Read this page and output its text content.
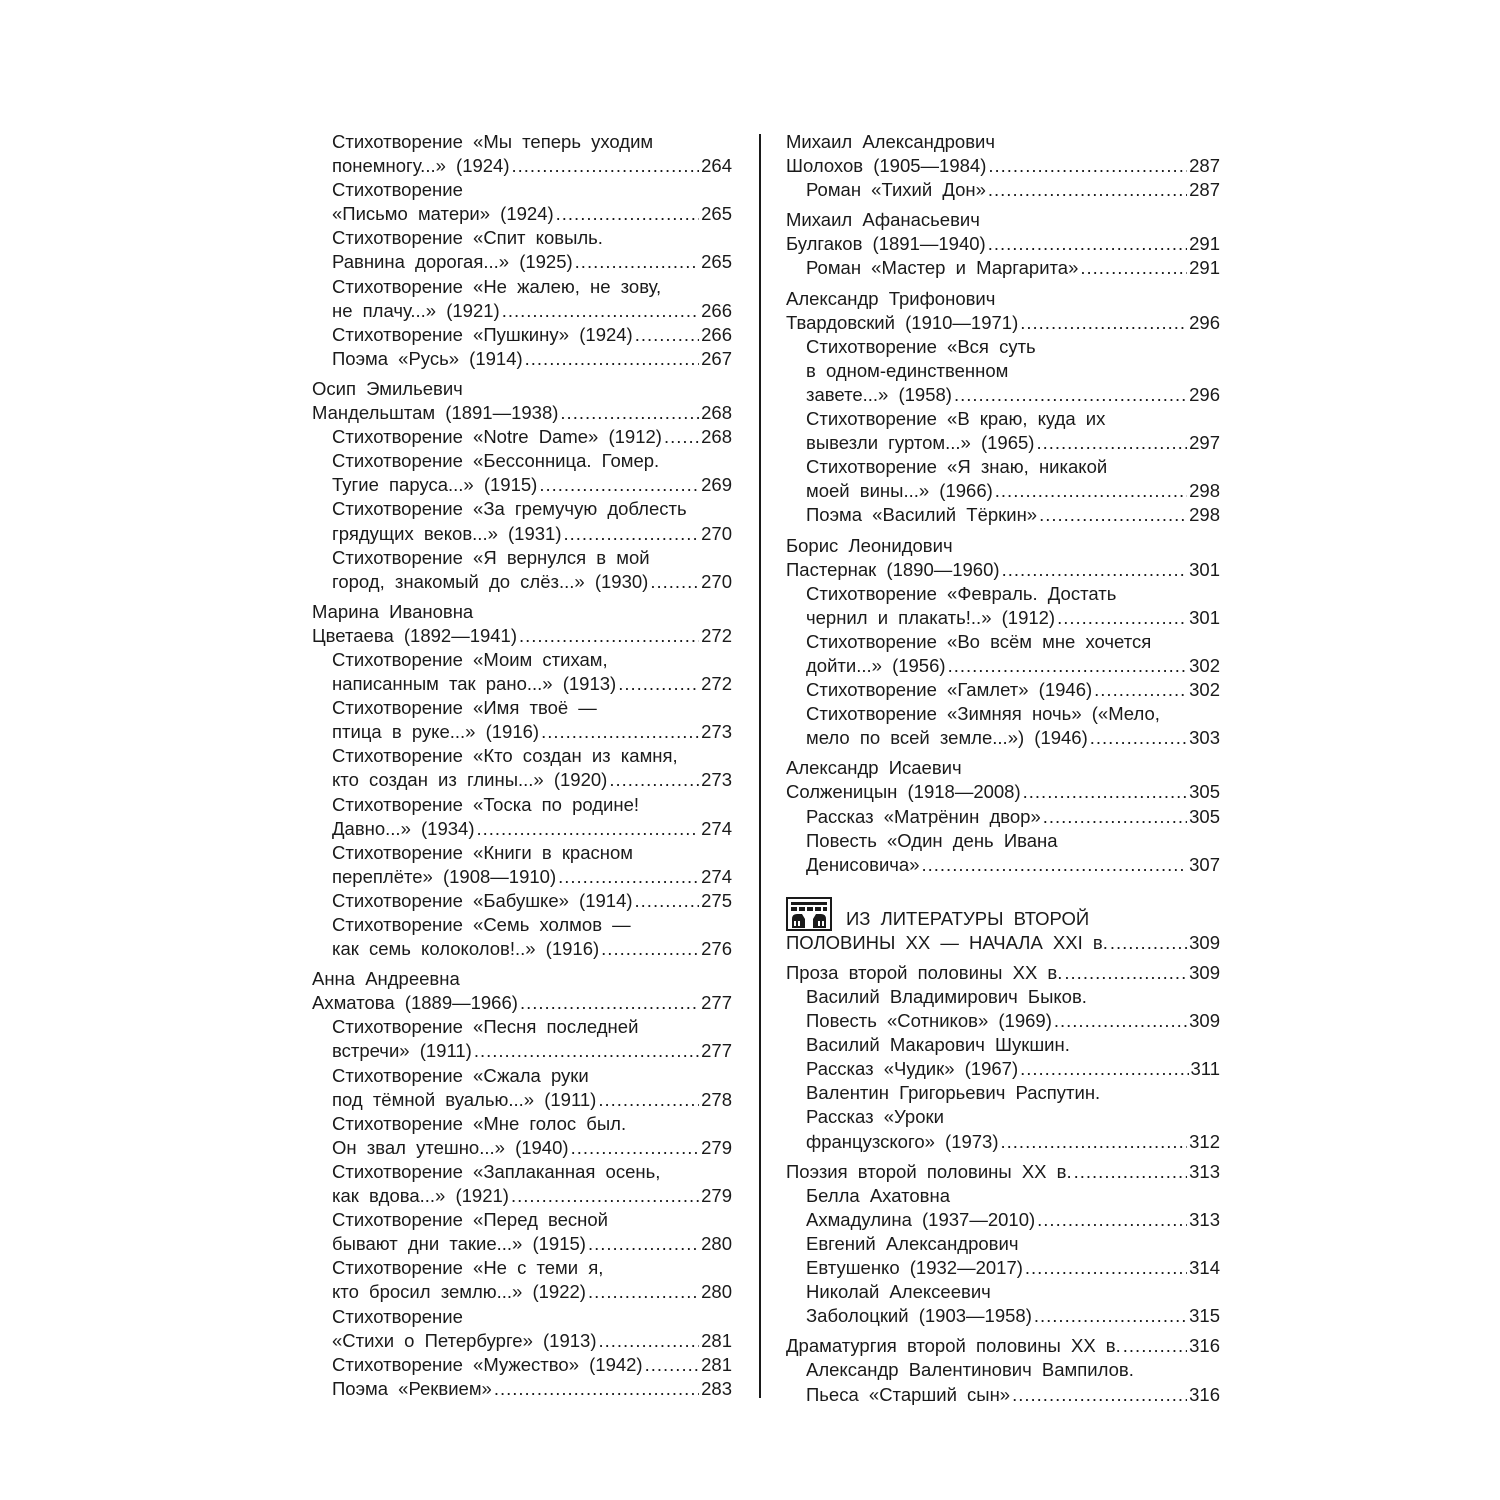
Стихотворение «Мы теперь уходим
понемногу...» (1924) .....	264
Стихотворение
«Письмо матери» (1924) .....	265
Стихотворение «Спит ковыль.
Равнина дорогая...» (1925) .....	265
Стихотворение «Не жалею, не зову,
не плачу...» (1921) .....	266
Стихотворение «Пушкину» (1924) .....	266
Поэма «Русь» (1914) .....	267
Осип Эмильевич
Мандельштам (1891—1938) .....	268
Стихотворение «Notre Dame» (1912) ..... 268
Стихотворение «Бессонница. Гомер.
Тугие паруса...» (1915) .....	269
Стихотворение «За гремучую доблесть
грядущих веков...» (1931) .....	270
Стихотворение «Я вернулся в мой
город, знакомый до слёз...» (1930) .....	270
Марина Ивановна
Цветаева (1892—1941) .....	272
Стихотворение «Моим стихам,
написанным так рано...» (1913) .....	272
Стихотворение «Имя твоё —
птица в руке...» (1916) .....	273
Стихотворение «Кто создан из камня,
кто создан из глины...» (1920) .....	273
Стихотворение «Тоска по родине!
Давно...» (1934) .....	274
Стихотворение «Книги в красном
переплёте» (1908—1910) .....	274
Стихотворение «Бабушке» (1914) .....	275
Стихотворение «Семь холмов —
как семь колоколов!..» (1916) .....	276
Анна Андреевна
Ахматова (1889—1966) .....	277
Стихотворение «Песня последней
встречи» (1911) .....	277
Стихотворение «Сжала руки
под тёмной вуалью...» (1911) .....	278
Стихотворение «Мне голос был.
Он звал утешно...» (1940) .....	279
Стихотворение «Заплаканная осень,
как вдова...» (1921) .....	279
Стихотворение «Перед весной
бывают дни такие...» (1915) .....	280
Стихотворение «Не с теми я,
кто бросил землю...» (1922) .....	280
Стихотворение
«Стихи о Петербурге» (1913) .....	281
Стихотворение «Мужество» (1942) .....	281
Поэма «Реквием» .....	283
Михаил Александрович
Шолохов (1905—1984) .....	287
Роман «Тихий Дон» .....	287
Михаил Афанасьевич
Булгаков (1891—1940) .....	291
Роман «Мастер и Маргарита» .....	291
Александр Трифонович
Твардовский (1910—1971) .....	296
Стихотворение «Вся суть
в одном-единственном
завете...» (1958) .....	296
Стихотворение «В краю, куда их
вывезли гуртом...» (1965) .....	297
Стихотворение «Я знаю, никакой
моей вины...» (1966) .....	298
Поэма «Василий Тёркин» .....	298
Борис Леонидович
Пастернак (1890—1960) .....	301
Стихотворение «Февраль. Достать
чернил и плакать!..» (1912) .....	301
Стихотворение «Во всём мне хочется
дойти...» (1956) .....	302
Стихотворение «Гамлет» (1946) .....	302
Стихотворение «Зимняя ночь» («Мело,
мело по всей земле...») (1946) .....	303
Александр Исаевич
Солженицын (1918—2008) .....	305
Рассказ «Матрёнин двор» .....	305
Повесть «Один день Ивана
Денисовича» .....	307
ИЗ ЛИТЕРАТУРЫ ВТОРОЙ
ПОЛОВИНЫ XX — НАЧАЛА XXI в. .....	309
Проза второй половины XX в. .....	309
Василий Владимирович Быков.
Повесть «Сотников» (1969) .....	309
Василий Макарович Шукшин.
Рассказ «Чудик» (1967) .....	311
Валентин Григорьевич Распутин.
Рассказ «Уроки
французского» (1973) .....	312
Поэзия второй половины XX в. .....	313
Белла Ахатовна
Ахмадулина (1937—2010) .....	313
Евгений Александрович
Евтушенко (1932—2017) .....	314
Николай Алексеевич
Заболоцкий (1903—1958) .....	315
Драматургия второй половины XX в. .....	316
Александр Валентинович Вампилов.
Пьеса «Старший сын» .....	316
